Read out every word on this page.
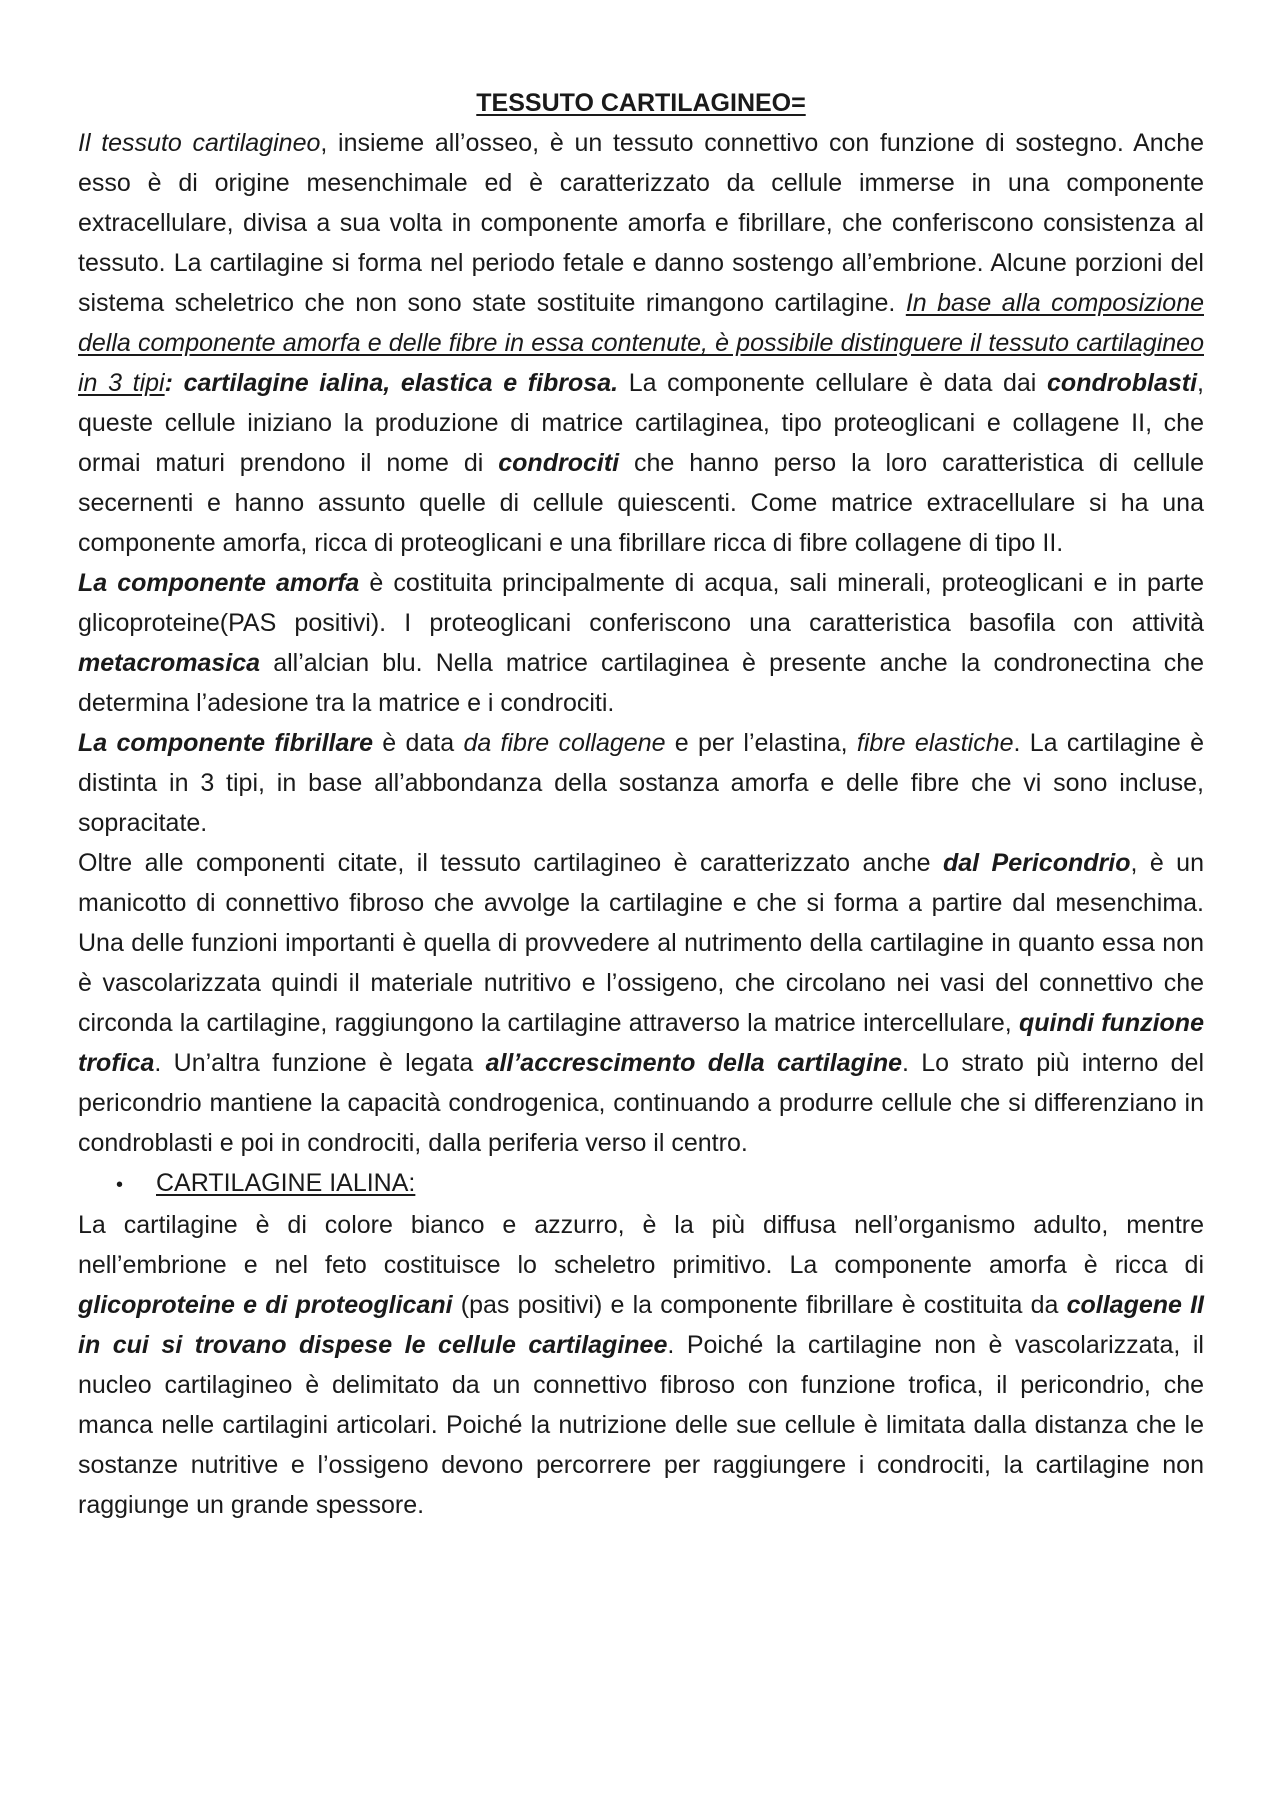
TESSUTO CARTILAGINEO=

Il tessuto cartilagineo, insieme all’osseo, è un tessuto connettivo con funzione di sostegno. Anche esso è di origine mesenchimale ed è caratterizzato da cellule immerse in una componente extracellulare, divisa a sua volta in componente amorfa e fibrillare, che conferiscono consistenza al tessuto. La cartilagine si forma nel periodo fetale e danno sostengo all’embrione. Alcune porzioni del sistema scheletrico che non sono state sostituite rimangono cartilagine. In base alla composizione della componente amorfa e delle fibre in essa contenute, è possibile distinguere il tessuto cartilagineo in 3 tipi: cartilagine ialina, elastica e fibrosa. La componente cellulare è data dai condroblasti, queste cellule iniziano la produzione di matrice cartilaginea, tipo proteoglicani e collagene II, che ormai maturi prendono il nome di condrociti che hanno perso la loro caratteristica di cellule secernenti e hanno assunto quelle di cellule quiescenti. Come matrice extracellulare si ha una componente amorfa, ricca di proteoglicani e una fibrillare ricca di fibre collagene di tipo II.

La componente amorfa è costituita principalmente di acqua, sali minerali, proteoglicani e in parte glicoproteine(PAS positivi). I proteoglicani conferiscono una caratteristica basofila con attività metacromasica all’alcian blu. Nella matrice cartilaginea è presente anche la condronectina che determina l’adesione tra la matrice e i condrociti.

La componente fibrillare è data da fibre collagene e per l’elastina, fibre elastiche. La cartilagine è distinta in 3 tipi, in base all’abbondanza della sostanza amorfa e delle fibre che vi sono incluse, sopracitate.

Oltre alle componenti citate, il tessuto cartilagineo è caratterizzato anche dal Pericondrio, è un manicotto di connettivo fibroso che avvolge la cartilagine e che si forma a partire dal mesenchima. Una delle funzioni importanti è quella di provvedere al nutrimento della cartilagine in quanto essa non è vascolarizzata quindi il materiale nutritivo e l’ossigeno, che circolano nei vasi del connettivo che circonda la cartilagine, raggiungono la cartilagine attraverso la matrice intercellulare, quindi funzione trofica. Un’altra funzione è legata all’accrescimento della cartilagine. Lo strato più interno del pericondrio mantiene la capacità condrogenica, continuando a produrre cellule che si differenziano in condroblasti e poi in condrociti, dalla periferia verso il centro.

•	CARTILAGINE IALINA:

La cartilagine è di colore bianco e azzurro, è la più diffusa nell’organismo adulto, mentre nell’embrione e nel feto costituisce lo scheletro primitivo. La componente amorfa è ricca di glicoproteine e di proteoglicani (pas positivi) e la componente fibrillare è costituita da collagene II in cui si trovano dispese le cellule cartilaginee. Poiché la cartilagine non è vascolarizzata, il nucleo cartilagineo è delimitato da un connettivo fibroso con funzione trofica, il pericondrio, che manca nelle cartilagini articolari. Poiché la nutrizione delle sue cellule è limitata dalla distanza che le sostanze nutritive e l’ossigeno devono percorrere per raggiungere i condrociti, la cartilagine non raggiunge un grande spessore.
